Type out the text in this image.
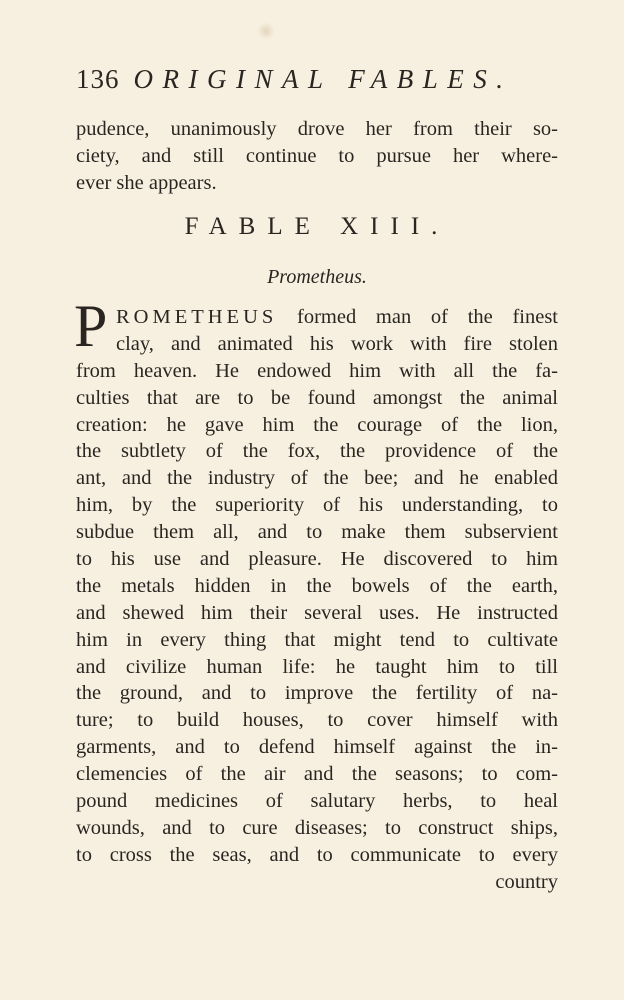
136 ORIGINAL FABLES.
pudence, unanimously drove her from their so-
ciety, and still continue to pursue her where-
ever she appears.
FABLE XIII.
Prometheus.
P ROMETHEUS formed man of the finest
clay, and animated his work with fire stolen
from heaven. He endowed him with all the fa-
culties that are to be found amongst the animal
creation: he gave him the courage of the lion,
the subtlety of the fox, the providence of the
ant, and the industry of the bee; and he enabled
him, by the superiority of his understanding, to
subdue them all, and to make them subservient
to his use and pleasure. He discovered to him
the metals hidden in the bowels of the earth,
and shewed him their several uses. He instructed
him in every thing that might tend to cultivate
and civilize human life: he taught him to till
the ground, and to improve the fertility of na-
ture; to build houses, to cover himself with
garments, and to defend himself against the in-
clemencies of the air and the seasons; to com-
pound medicines of salutary herbs, to heal
wounds, and to cure diseases; to construct ships,
to cross the seas, and to communicate to every
country
